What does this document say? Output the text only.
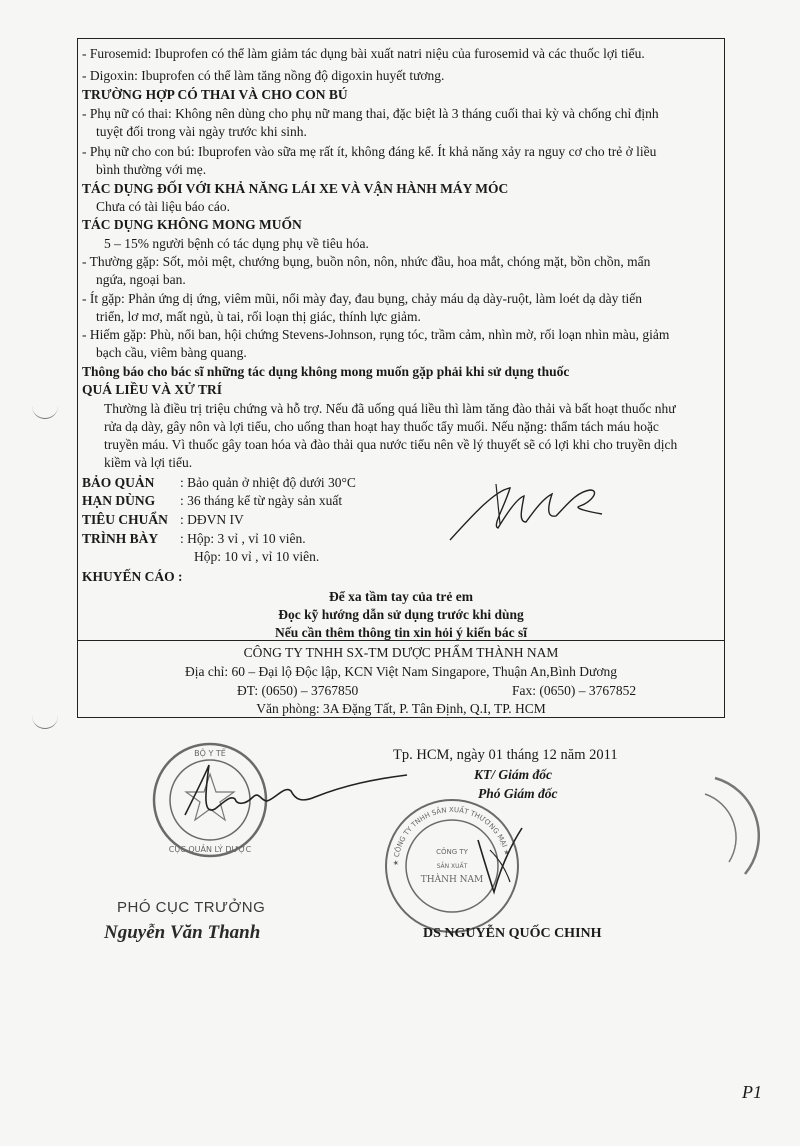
- Furosemid: Ibuprofen có thể làm giảm tác dụng bài xuất natri niệu của furosemid và các thuốc lợi tiểu.
- Digoxin: Ibuprofen có thể làm tăng nồng độ digoxin huyết tương.
TRƯỜNG HỢP CÓ THAI VÀ CHO CON BÚ
- Phụ nữ có thai: Không nên dùng cho phụ nữ mang thai, đặc biệt là 3 tháng cuối thai kỳ và chống chỉ định
tuyệt đối trong vài ngày trước khi sinh.
- Phụ nữ cho con bú: Ibuprofen vào sữa mẹ rất ít, không đáng kể. Ít khả năng xảy ra nguy cơ cho trẻ ở liều
bình thường với mẹ.
TÁC DỤNG ĐỐI VỚI KHẢ NĂNG LÁI XE VÀ VẬN HÀNH MÁY MÓC
Chưa có tài liệu báo cáo.
TÁC DỤNG KHÔNG MONG MUỐN
5 – 15% người bệnh có tác dụng phụ về tiêu hóa.
- Thường gặp: Sốt, mỏi mệt, chướng bụng, buồn nôn, nôn, nhức đầu, hoa mắt, chóng mặt, bồn chồn, mẩn
ngứa, ngoại ban.
- Ít gặp: Phản ứng dị ứng, viêm mũi, nổi mày đay, đau bụng, chảy máu dạ dày-ruột, làm loét dạ dày tiến
triển, lơ mơ, mất ngủ, ù tai, rối loạn thị giác, thính lực giảm.
- Hiếm gặp: Phù, nổi ban, hội chứng Stevens-Johnson, rụng tóc, trầm cảm, nhìn mờ, rối loạn nhìn màu, giảm
bạch cầu, viêm bàng quang.
Thông báo cho bác sĩ những tác dụng không mong muốn gặp phải khi sử dụng thuốc
QUÁ LIỀU VÀ XỬ TRÍ
Thường là điều trị triệu chứng và hỗ trợ. Nếu đã uống quá liều thì làm tăng đào thải và bất hoạt thuốc như
rửa dạ dày, gây nôn và lợi tiểu, cho uống than hoạt hay thuốc tẩy muối. Nếu nặng: thẩm tách máu hoặc
truyền máu. Vì thuốc gây toan hóa và đào thải qua nước tiểu nên về lý thuyết sẽ có lợi khi cho truyền dịch
kiềm và lợi tiểu.
BẢO QUẢN : Bảo quản ở nhiệt độ dưới 30°C
HẠN DÙNG : 36 tháng kể từ ngày sản xuất
TIÊU CHUẨN : DĐVN IV
TRÌNH BÀY : Hộp: 3 vỉ , vỉ 10 viên.
Hộp: 10 vỉ , vỉ 10 viên.
KHUYẾN CÁO :
Để xa tầm tay của trẻ em
Đọc kỹ hướng dẫn sử dụng trước khi dùng
Nếu cần thêm thông tin xin hỏi ý kiến bác sĩ
CÔNG TY TNHH SX-TM DƯỢC PHẨM THÀNH NAM
Địa chỉ: 60 – Đại lộ Độc lập, KCN Việt Nam Singapore, Thuận An,Bình Dương
ĐT: (0650) – 3767850	Fax: (0650) – 3767852
Văn phòng: 3A Đặng Tất, P. Tân Định, Q.I, TP. HCM
Tp. HCM, ngày 01 tháng 12 năm 2011
KT/ Giám đốc
Phó Giám đốc
★ CÔNG TY TNHH SẢN XUẤT THƯƠNG MẠI ★
CÔNG TY
SẢN XUẤT
THÀNH NAM
DS NGUYỄN QUỐC CHINH
BỘ Y TẾ
CỤC QUẢN LÝ DƯỢC
PHÓ CỤC TRƯỞNG
Nguyễn Văn Thanh
P1
